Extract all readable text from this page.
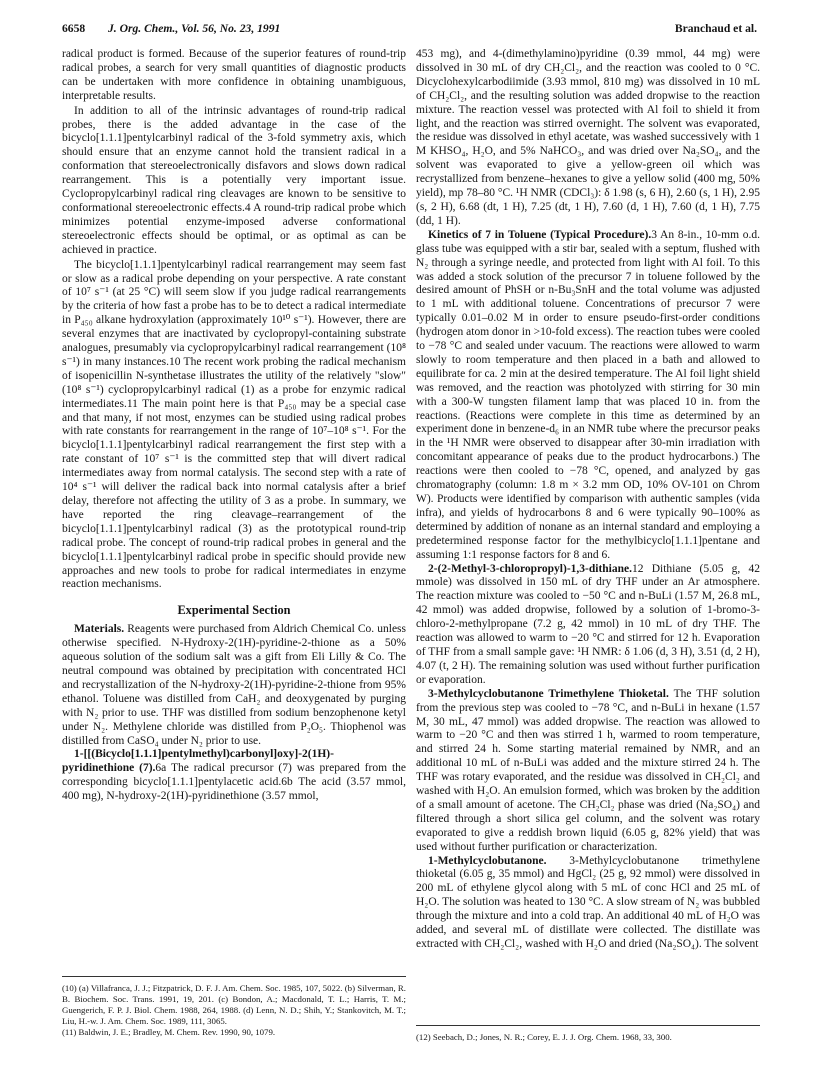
6658 J. Org. Chem., Vol. 56, No. 23, 1991	Branchaud et al.

radical product is formed. Because of the superior features of round-trip radical probes, a search for very small quantities of diagnostic products can be undertaken with more confidence in obtaining unambiguous, interpretable results.

In addition to all of the intrinsic advantages of round-trip radical probes, there is the added advantage in the case of the bicyclo[1.1.1]pentylcarbinyl radical of the 3-fold symmetry axis, which should ensure that an enzyme cannot hold the transient radical in a conformation that stereoelectronically disfavors and slows down radical rearrangement. This is a potentially very important issue. Cyclopropylcarbinyl radical ring cleavages are known to be sensitive to conformational stereoelectronic effects.4 A round-trip radical probe which minimizes potential enzyme-imposed adverse conformational stereoelectronic effects should be optimal, or as optimal as can be achieved in practice.

The bicyclo[1.1.1]pentylcarbinyl radical rearrangement may seem fast or slow as a radical probe depending on your perspective. A rate constant of 10⁷ s⁻¹ (at 25 °C) will seem slow if you judge radical rearrangements by the criteria of how fast a probe has to be to detect a radical intermediate in P₄₅₀ alkane hydroxylation (approximately 10¹⁰ s⁻¹). However, there are several enzymes that are inactivated by cyclopropyl-containing substrate analogues, presumably via cyclopropylcarbinyl radical rearrangement (10⁸ s⁻¹) in many instances.10 The recent work probing the radical mechanism of isopenicillin N-synthetase illustrates the utility of the relatively "slow" (10⁸ s⁻¹) cyclopropylcarbinyl radical (1) as a probe for enzymic radical intermediates.11 The main point here is that P₄₅₀ may be a special case and that many, if not most, enzymes can be studied using radical probes with rate constants for rearrangement in the range of 10⁷–10⁸ s⁻¹. For the bicyclo[1.1.1]pentylcarbinyl radical rearrangement the first step with a rate constant of 10⁷ s⁻¹ is the committed step that will divert radical intermediates away from normal catalysis. The second step with a rate of 10⁴ s⁻¹ will deliver the radical back into normal catalysis after a brief delay, therefore not affecting the utility of 3 as a probe. In summary, we have reported the ring cleavage–rearrangement of the bicyclo[1.1.1]pentylcarbinyl radical (3) as the prototypical round-trip radical probe. The concept of round-trip radical probes in general and the bicyclo[1.1.1]pentylcarbinyl radical probe in specific should provide new approaches and new tools to probe for radical intermediates in enzyme reaction mechanisms.

Experimental Section

Materials. Reagents were purchased from Aldrich Chemical Co. unless otherwise specified. N-Hydroxy-2(1H)-pyridine-2-thione as a 50% aqueous solution of the sodium salt was a gift from Eli Lilly & Co. The neutral compound was obtained by precipitation with concentrated HCl and recrystallization of the N-hydroxy-2(1H)-pyridine-2-thione from 95% ethanol. Toluene was distilled from CaH₂ and deoxygenated by purging with N₂ prior to use. THF was distilled from sodium benzophenone ketyl under N₂. Methylene chloride was distilled from P₂O₅. Thiophenol was distilled from CaSO₄ under N₂ prior to use.

1-[[(Bicyclo[1.1.1]pentylmethyl)carbonyl]oxy]-2(1H)-pyridinethione (7).6a The radical precursor (7) was prepared from the corresponding bicyclo[1.1.1]pentylacetic acid.6b The acid (3.57 mmol, 400 mg), N-hydroxy-2(1H)-pyridinethione (3.57 mmol,

453 mg), and 4-(dimethylamino)pyridine (0.39 mmol, 44 mg) were dissolved in 30 mL of dry CH₂Cl₂, and the reaction was cooled to 0 °C. Dicyclohexylcarbodiimide (3.93 mmol, 810 mg) was dissolved in 10 mL of CH₂Cl₂, and the resulting solution was added dropwise to the reaction mixture. The reaction vessel was protected with Al foil to shield it from light, and the reaction was stirred overnight. The solvent was evaporated, the residue was dissolved in ethyl acetate, was washed successively with 1 M KHSO₄, H₂O, and 5% NaHCO₃, and was dried over Na₂SO₄, and the solvent was evaporated to give a yellow-green oil which was recrystallized from benzene–hexanes to give a yellow solid (400 mg, 50% yield), mp 78–80 °C. ¹H NMR (CDCl₃): δ 1.98 (s, 6 H), 2.60 (s, 1 H), 2.95 (s, 2 H), 6.68 (dt, 1 H), 7.25 (dt, 1 H), 7.60 (d, 1 H), 7.60 (d, 1 H), 7.75 (dd, 1 H).

Kinetics of 7 in Toluene (Typical Procedure).3 An 8-in., 10-mm o.d. glass tube was equipped with a stir bar, sealed with a septum, flushed with N₂ through a syringe needle, and protected from light with Al foil. To this was added a stock solution of the precursor 7 in toluene followed by the desired amount of PhSH or n-Bu₃SnH and the total volume was adjusted to 1 mL with additional toluene. Concentrations of precursor 7 were typically 0.01–0.02 M in order to ensure pseudo-first-order conditions (hydrogen atom donor in >10-fold excess). The reaction tubes were cooled to −78 °C and sealed under vacuum. The reactions were allowed to warm slowly to room temperature and then placed in a bath and allowed to equilibrate for ca. 2 min at the desired temperature. The Al foil light shield was removed, and the reaction was photolyzed with stirring for 30 min with a 300-W tungsten filament lamp that was placed 10 in. from the reactions. (Reactions were complete in this time as determined by an experiment done in benzene-d₆ in an NMR tube where the precursor peaks in the ¹H NMR were observed to disappear after 30-min irradiation with concomitant appearance of peaks due to the product hydrocarbons.) The reactions were then cooled to −78 °C, opened, and analyzed by gas chromatography (column: 1.8 m × 3.2 mm OD, 10% OV-101 on Chrom W). Products were identified by comparison with authentic samples (vida infra), and yields of hydrocarbons 8 and 6 were typically 90–100% as determined by addition of nonane as an internal standard and employing a predetermined response factor for the methylbicyclo[1.1.1]pentane and assuming 1:1 response factors for 8 and 6.

2-(2-Methyl-3-chloropropyl)-1,3-dithiane.12 Dithiane (5.05 g, 42 mmole) was dissolved in 150 mL of dry THF under an Ar atmosphere. The reaction mixture was cooled to −50 °C and n-BuLi (1.57 M, 26.8 mL, 42 mmol) was added dropwise, followed by a solution of 1-bromo-3-chloro-2-methylpropane (7.2 g, 42 mmol) in 10 mL of dry THF. The reaction was allowed to warm to −20 °C and stirred for 12 h. Evaporation of THF from a small sample gave: ¹H NMR: δ 1.06 (d, 3 H), 3.51 (d, 2 H), 4.07 (t, 2 H). The remaining solution was used without further purification or evaporation.

3-Methylcyclobutanone Trimethylene Thioketal. The THF solution from the previous step was cooled to −78 °C, and n-BuLi in hexane (1.57 M, 30 mL, 47 mmol) was added dropwise. The reaction was allowed to warm to −20 °C and then was stirred 1 h, warmed to room temperature, and stirred 24 h. Some starting material remained by NMR, and an additional 10 mL of n-BuLi was added and the mixture stirred 24 h. The THF was rotary evaporated, and the residue was dissolved in CH₂Cl₂ and washed with H₂O. An emulsion formed, which was broken by the addition of a small amount of acetone. The CH₂Cl₂ phase was dried (Na₂SO₄) and filtered through a short silica gel column, and the solvent was rotary evaporated to give a reddish brown liquid (6.05 g, 82% yield) that was used without further purification or characterization.

1-Methylcyclobutanone. 3-Methylcyclobutanone trimethylene thioketal (6.05 g, 35 mmol) and HgCl₂ (25 g, 92 mmol) were dissolved in 200 mL of ethylene glycol along with 5 mL of conc HCl and 25 mL of H₂O. The solution was heated to 130 °C. A slow stream of N₂ was bubbled through the mixture and into a cold trap. An additional 40 mL of H₂O was added, and several mL of distillate were collected. The distillate was extracted with CH₂Cl₂, washed with H₂O and dried (Na₂SO₄). The solvent

(10) (a) Villafranca, J. J.; Fitzpatrick, D. F. J. Am. Chem. Soc. 1985, 107, 5022. (b) Silverman, R. B. Biochem. Soc. Trans. 1991, 19, 201. (c) Bondon, A.; Macdonald, T. L.; Harris, T. M.; Guengerich, F. P. J. Biol. Chem. 1988, 264, 1988. (d) Lenn, N. D.; Shih, Y.; Stankovitch, M. T.; Liu, H.-w. J. Am. Chem. Soc. 1989, 111, 3065.

(11) Baldwin, J. E.; Bradley, M. Chem. Rev. 1990, 90, 1079.	(12) Seebach, D.; Jones, N. R.; Corey, E. J. J. Org. Chem. 1968, 33, 300.
